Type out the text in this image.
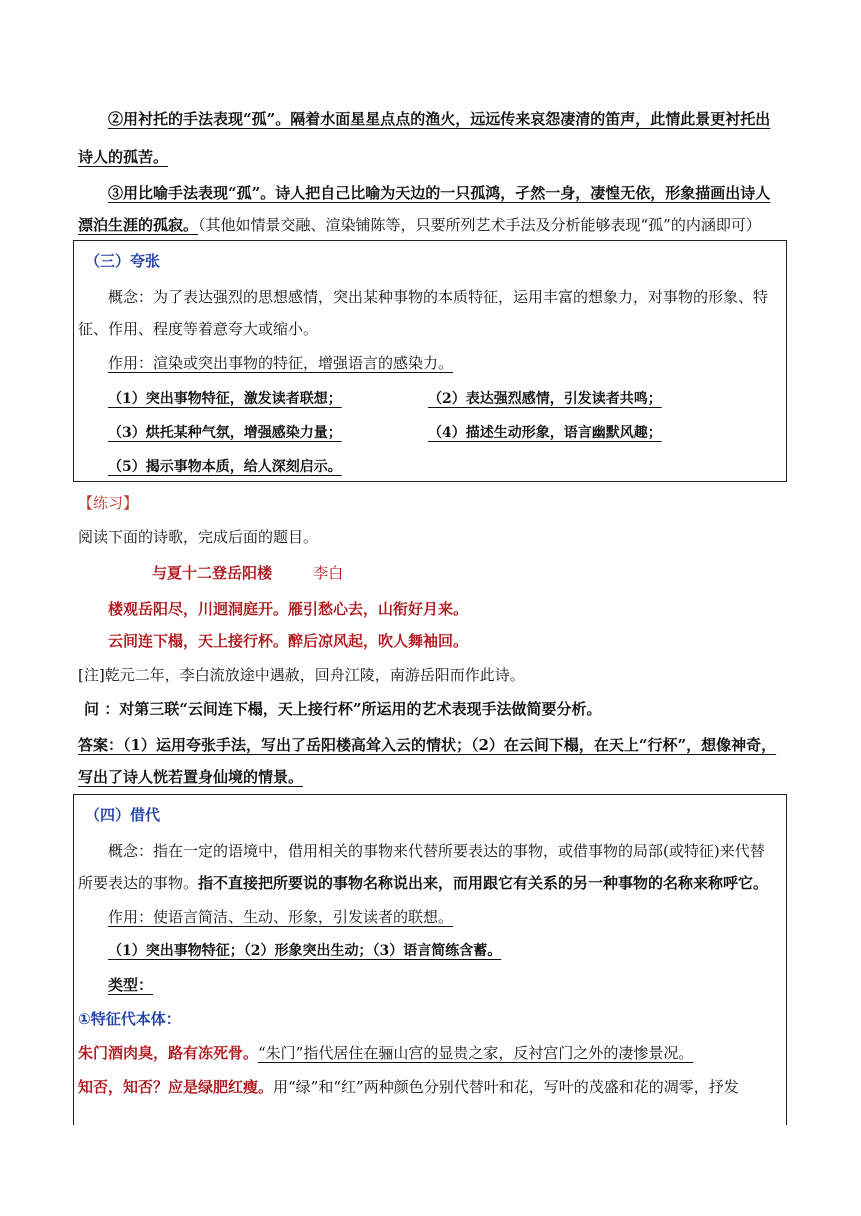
②用衬托的手法表现“孤”。隔着水面星星点点的渔火，远远传来哀怨凄清的笛声，此情此景更衬托出
诗人的孤苦。
③用比喻手法表现“孤”。诗人把自己比喻为天边的一只孤鸿，孑然一身，凄惶无依，形象描画出诗人
漂泊生涯的孤寂。（其他如情景交融、渲染铺陈等，只要所列艺术手法及分析能够表现“孤”的内涵即可）
（三）夸张
概念：为了表达强烈的思想感情，突出某种事物的本质特征，运用丰富的想象力，对事物的形象、特
征、作用、程度等着意夸大或缩小。
作用：渲染或突出事物的特征，增强语言的感染力。
（1）突出事物特征，激发读者联想；	（2）表达强烈感情，引发读者共鸣；
（3）烘托某种气氛，增强感染力量；	（4）描述生动形象，语言幽默风趣；
（5）揭示事物本质，给人深刻启示。
【练习】
阅读下面的诗歌，完成后面的题目。
与夏十二登岳阳楼	李白
楼观岳阳尽，川迥洞庭开。雁引愁心去，山衔好月来。
云间连下榻，天上接行杯。醉后凉风起，吹人舞袖回。
[注]乾元二年，李白流放途中遇赦，回舟江陵，南游岳阳而作此诗。
问 ：对第三联“云间连下榻，天上接行杯”所运用的艺术表现手法做简要分析。
答案：（1）运用夸张手法，写出了岳阳楼高耸入云的情状；（2）在云间下榻，在天上“行杯”，想像神奇，
写出了诗人恍若置身仙境的情景。
（四）借代
概念：指在一定的语境中，借用相关的事物来代替所要表达的事物，或借事物的局部(或特征)来代替
所要表达的事物。指不直接把所要说的事物名称说出来，而用跟它有关系的另一种事物的名称来称呼它。
作用：使语言简洁、生动、形象，引发读者的联想。
（1）突出事物特征；（2）形象突出生动；（3）语言简练含蓄。
类型：
①特征代本体：
朱门酒肉臭，路有冻死骨。“朱门”指代居住在骊山宫的显贵之家，反衬宫门之外的凄惨景况。
知否，知否？应是绿肥红瘦。用“绿”和“红”两种颜色分别代替叶和花，写叶的茂盛和花的凋零，抒发
